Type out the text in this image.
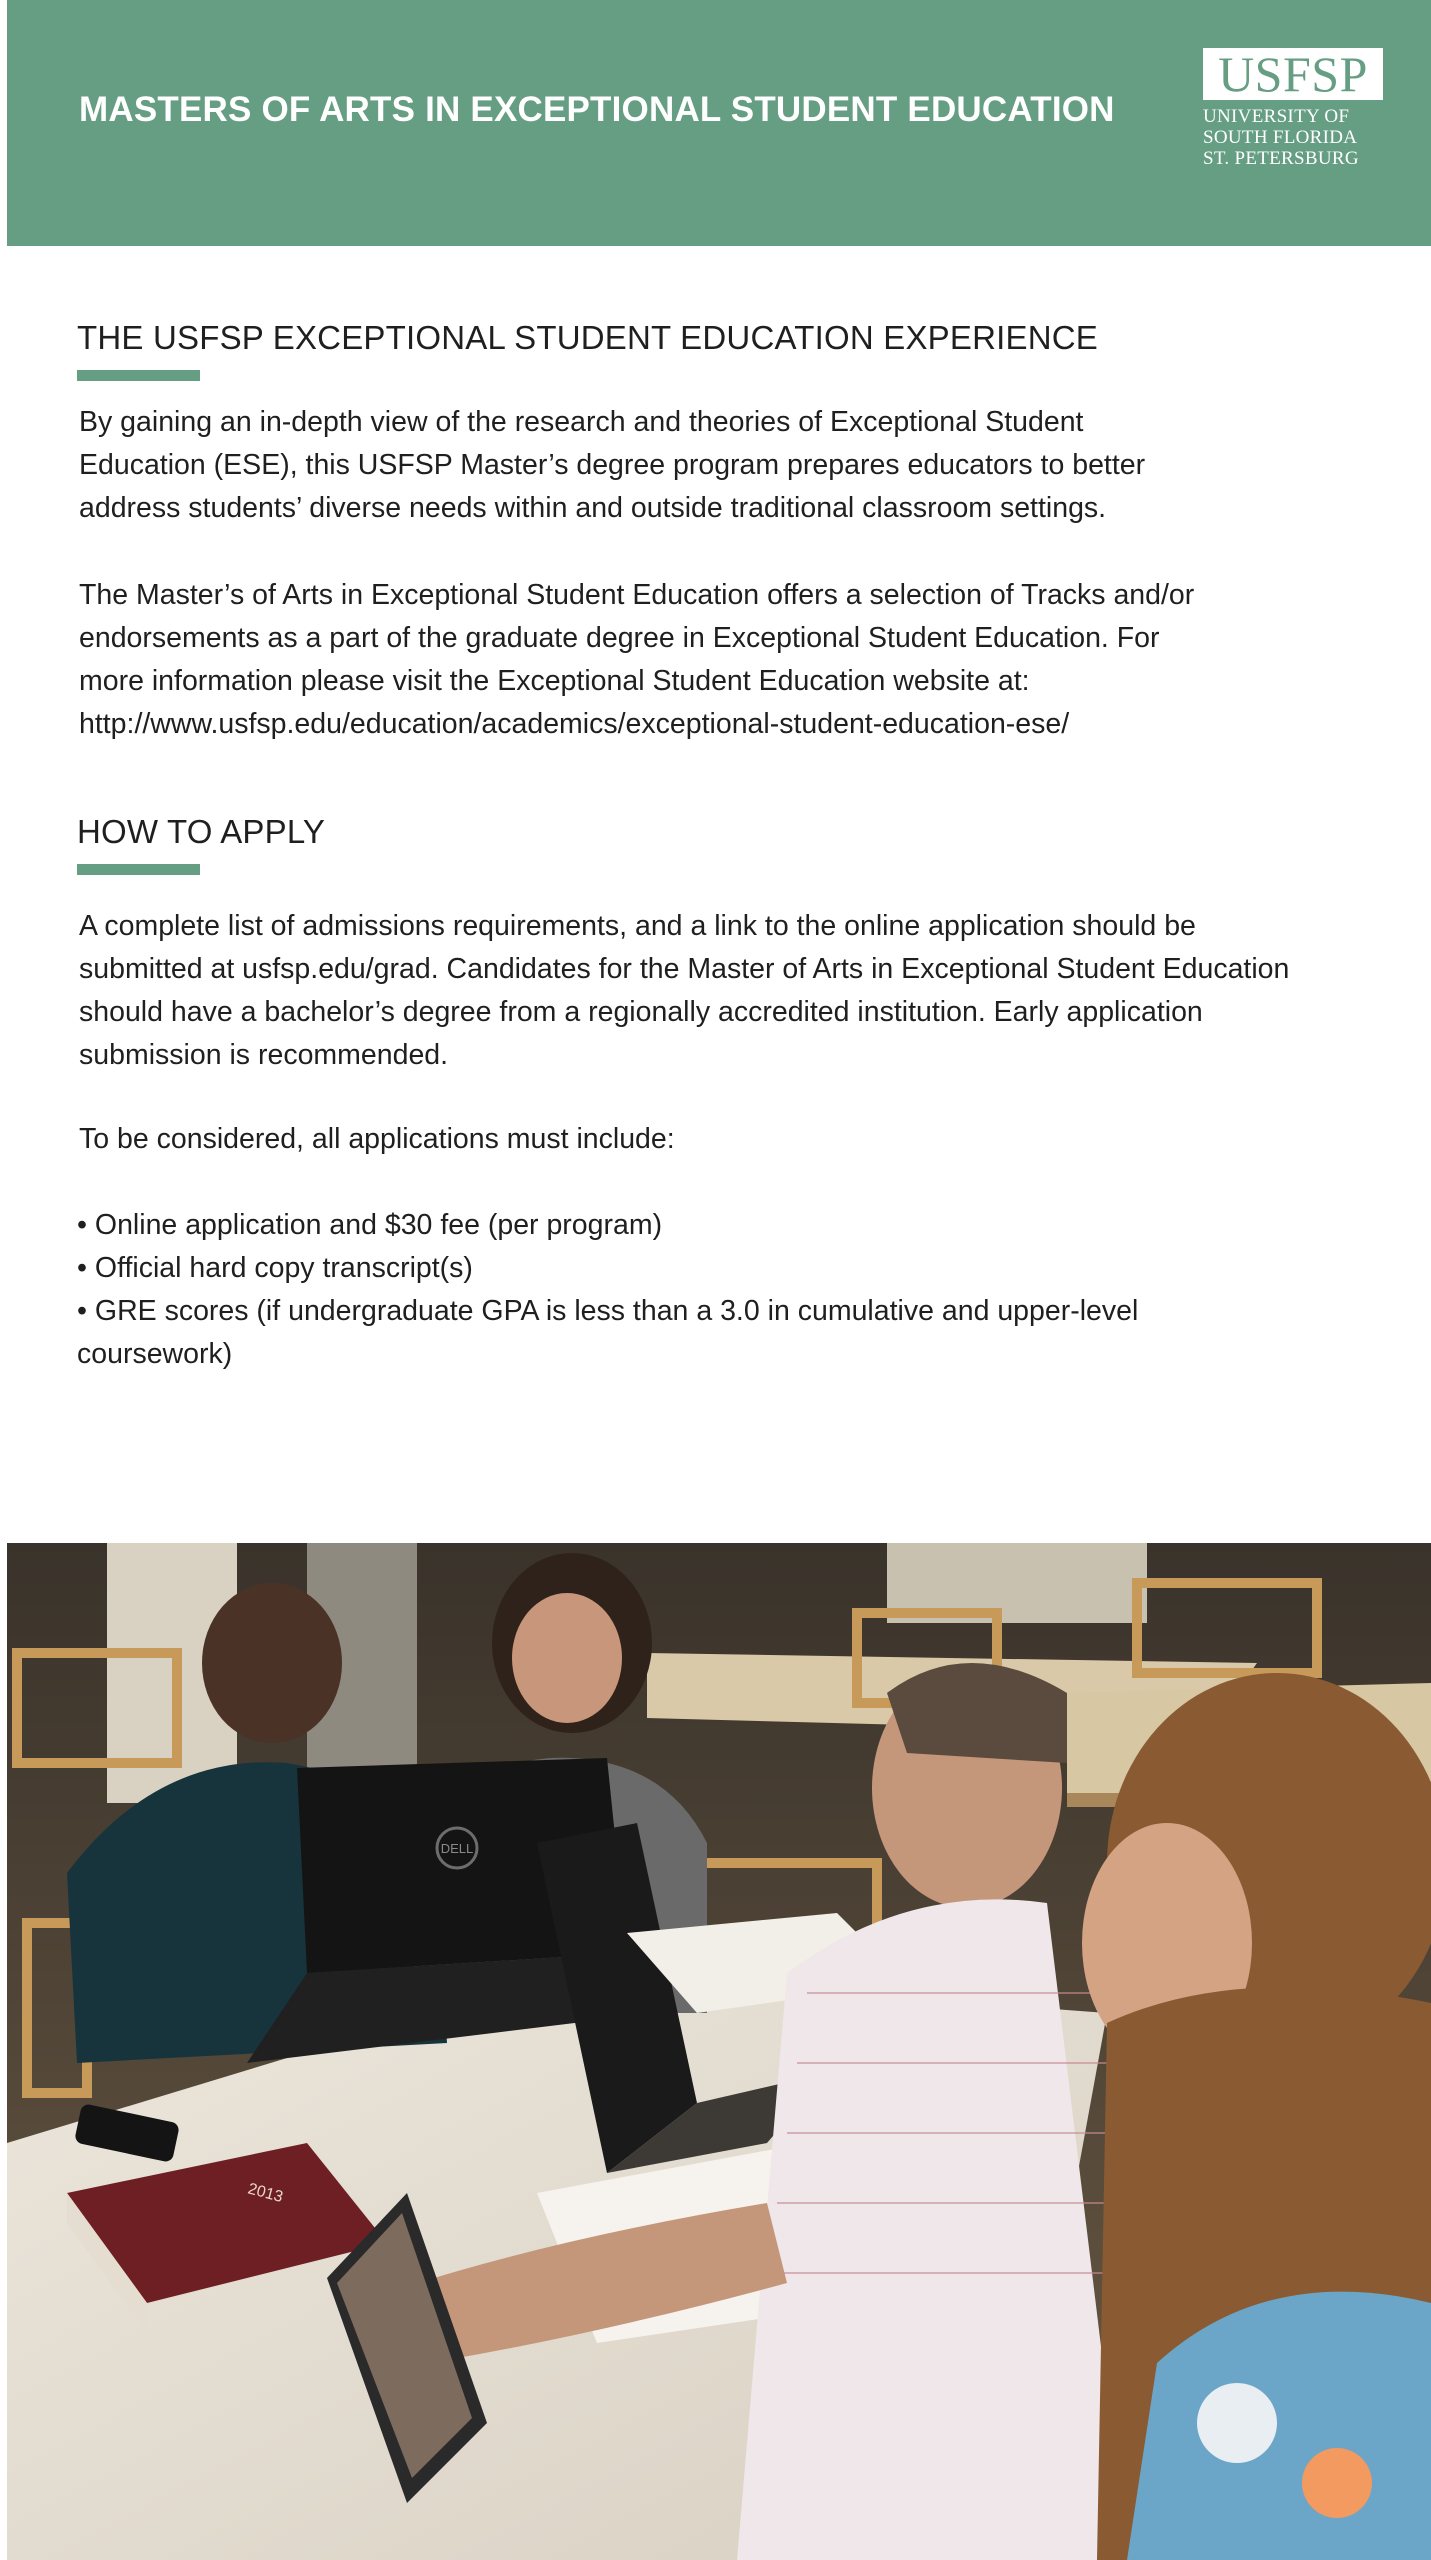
MASTERS OF ARTS IN EXCEPTIONAL STUDENT EDUCATION
USFSP
UNIVERSITY OF
SOUTH FLORIDA
ST. PETERSBURG
THE USFSP EXCEPTIONAL STUDENT EDUCATION EXPERIENCE
By gaining an in-depth view of the research and theories of Exceptional Student
Education (ESE), this USFSP Master’s degree program prepares educators to better
address students’ diverse needs within and outside traditional classroom settings.
The Master’s of Arts in Exceptional Student Education offers a selection of Tracks and/or
endorsements as a part of the graduate degree in Exceptional Student Education. For
more information please visit the Exceptional Student Education website at:
http://www.usfsp.edu/education/academics/exceptional-student-education-ese/
HOW TO APPLY
A complete list of admissions requirements, and a link to the online application should be
submitted at usfsp.edu/grad. Candidates for the Master of Arts in Exceptional Student Education
should have a bachelor’s degree from a regionally accredited institution. Early application
submission is recommended.
To be considered, all applications must include:
• Online application and $30 fee (per program)
• Official hard copy transcript(s)
• GRE scores (if undergraduate GPA is less than a 3.0 in cumulative and upper-level
coursework)
DELL
2013
